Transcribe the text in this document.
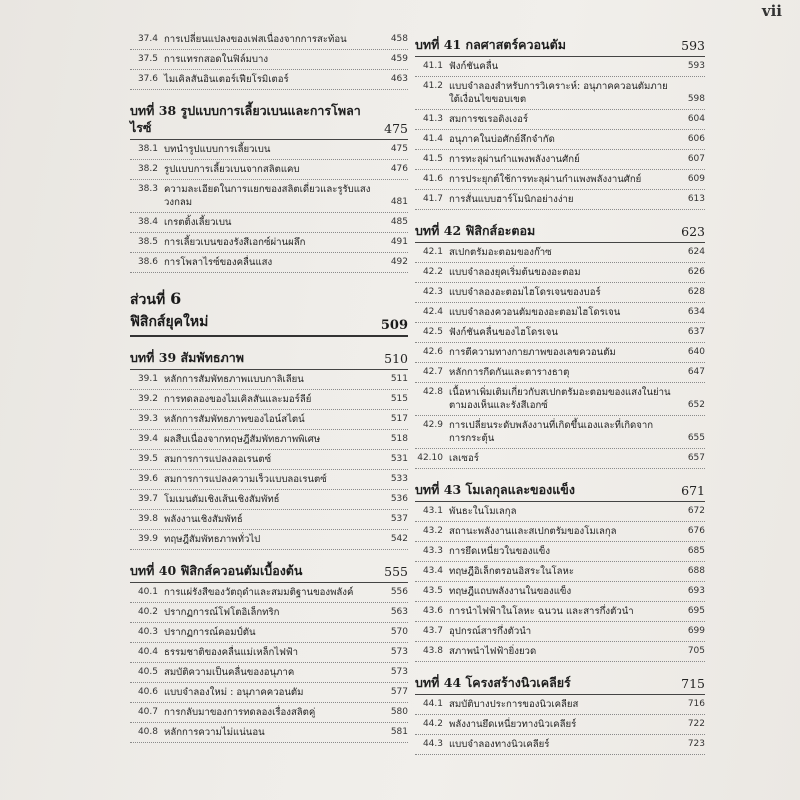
vii
37.4 การเปลี่ยนแปลงของเฟสเนื่องจากการสะท้อน	458
37.5 การแทรกสอดในฟิล์มบาง	459
37.6 ไมเคิลสันอินเตอร์เฟียโรมิเตอร์	463
บทที่ 38 รูปแบบการเลี้ยวเบนและการโพลาไรซ์	475
38.1 บทนำรูปแบบการเลี้ยวเบน	475
38.2 รูปแบบการเลี้ยวเบนจากสลิตแคบ	476
38.3 ความละเอียดในการแยกของสลิตเดี่ยวและรูรับแสงวงกลม	481
38.4 เกรตติ้งเลี้ยวเบน	485
38.5 การเลี้ยวเบนของรังสีเอกซ์ผ่านผลึก	491
38.6 การโพลาไรซ์ของคลื่นแสง	492
ส่วนที่ 6
ฟิสิกส์ยุคใหม่	509
บทที่ 39 สัมพัทธภาพ	510
39.1 หลักการสัมพัทธภาพแบบกาลิเลียน	511
39.2 การทดลองของไมเคิลสันและมอร์ลีย์	515
39.3 หลักการสัมพัทธภาพของไอน์สไตน์	517
39.4 ผลสืบเนื่องจากทฤษฎีสัมพัทธภาพพิเศษ	518
39.5 สมการการแปลงลอเรนตซ์	531
39.6 สมการการแปลงความเร็วแบบลอเรนตซ์	533
39.7 โมเมนตัมเชิงเส้นเชิงสัมพัทธ์	536
39.8 พลังงานเชิงสัมพัทธ์	537
39.9 ทฤษฎีสัมพัทธภาพทั่วไป	542
บทที่ 40 ฟิสิกส์ควอนตัมเบื้องต้น	555
40.1 การแผ่รังสีของวัตถุดำและสมมติฐานของพลังค์	556
40.2 ปรากฏการณ์โฟโตอิเล็กทริก	563
40.3 ปรากฏการณ์คอมป์ตัน	570
40.4 ธรรมชาติของคลื่นแม่เหล็กไฟฟ้า	573
40.5 สมบัติความเป็นคลื่นของอนุภาค	573
40.6 แบบจำลองใหม่ : อนุภาคควอนตัม	577
40.7 การกลับมาของการทดลองเรื่องสลิตคู่	580
40.8 หลักการความไม่แน่นอน	581
บทที่ 41 กลศาสตร์ควอนตัม	593
41.1 ฟังก์ชันคลื่น	593
41.2 แบบจำลองสำหรับการวิเคราะห์: อนุภาคควอนตัมภายใต้เงื่อนไขขอบเขต	598
41.3 สมการชเรอดิงเงอร์	604
41.4 อนุภาคในบ่อศักย์ลึกจำกัด	606
41.5 การทะลุผ่านกำแพงพลังงานศักย์	607
41.6 การประยุกต์ใช้การทะลุผ่านกำแพงพลังงานศักย์	609
41.7 การสั่นแบบฮาร์โมนิกอย่างง่าย	613
บทที่ 42 ฟิสิกส์อะตอม	623
42.1 สเปกตรัมอะตอมของก๊าซ	624
42.2 แบบจำลองยุคเริ่มต้นของอะตอม	626
42.3 แบบจำลองอะตอมไฮโดรเจนของบอร์	628
42.4 แบบจำลองควอนตัมของอะตอมไฮโดรเจน	634
42.5 ฟังก์ชันคลื่นของไฮโดรเจน	637
42.6 การตีความทางกายภาพของเลขควอนตัม	640
42.7 หลักการกีดกันและตารางธาตุ	647
42.8 เนื้อหาเพิ่มเติมเกี่ยวกับสเปกตรัมอะตอมของแสงในย่านตามองเห็นและรังสีเอกซ์	652
42.9 การเปลี่ยนระดับพลังงานที่เกิดขึ้นเองและที่เกิดจากการกระตุ้น	655
42.10 เลเซอร์	657
บทที่ 43 โมเลกุลและของแข็ง	671
43.1 พันธะในโมเลกุล	672
43.2 สถานะพลังงานและสเปกตรัมของโมเลกุล	676
43.3 การยึดเหนี่ยวในของแข็ง	685
43.4 ทฤษฎีอิเล็กตรอนอิสระในโลหะ	688
43.5 ทฤษฎีแถบพลังงานในของแข็ง	693
43.6 การนำไฟฟ้าในโลหะ ฉนวน และสารกึ่งตัวนำ	695
43.7 อุปกรณ์สารกึ่งตัวนำ	699
43.8 สภาพนำไฟฟ้ายิ่งยวด	705
บทที่ 44 โครงสร้างนิวเคลียร์	715
44.1 สมบัติบางประการของนิวเคลียส	716
44.2 พลังงานยึดเหนี่ยวทางนิวเคลียร์	722
44.3 แบบจำลองทางนิวเคลียร์	723
